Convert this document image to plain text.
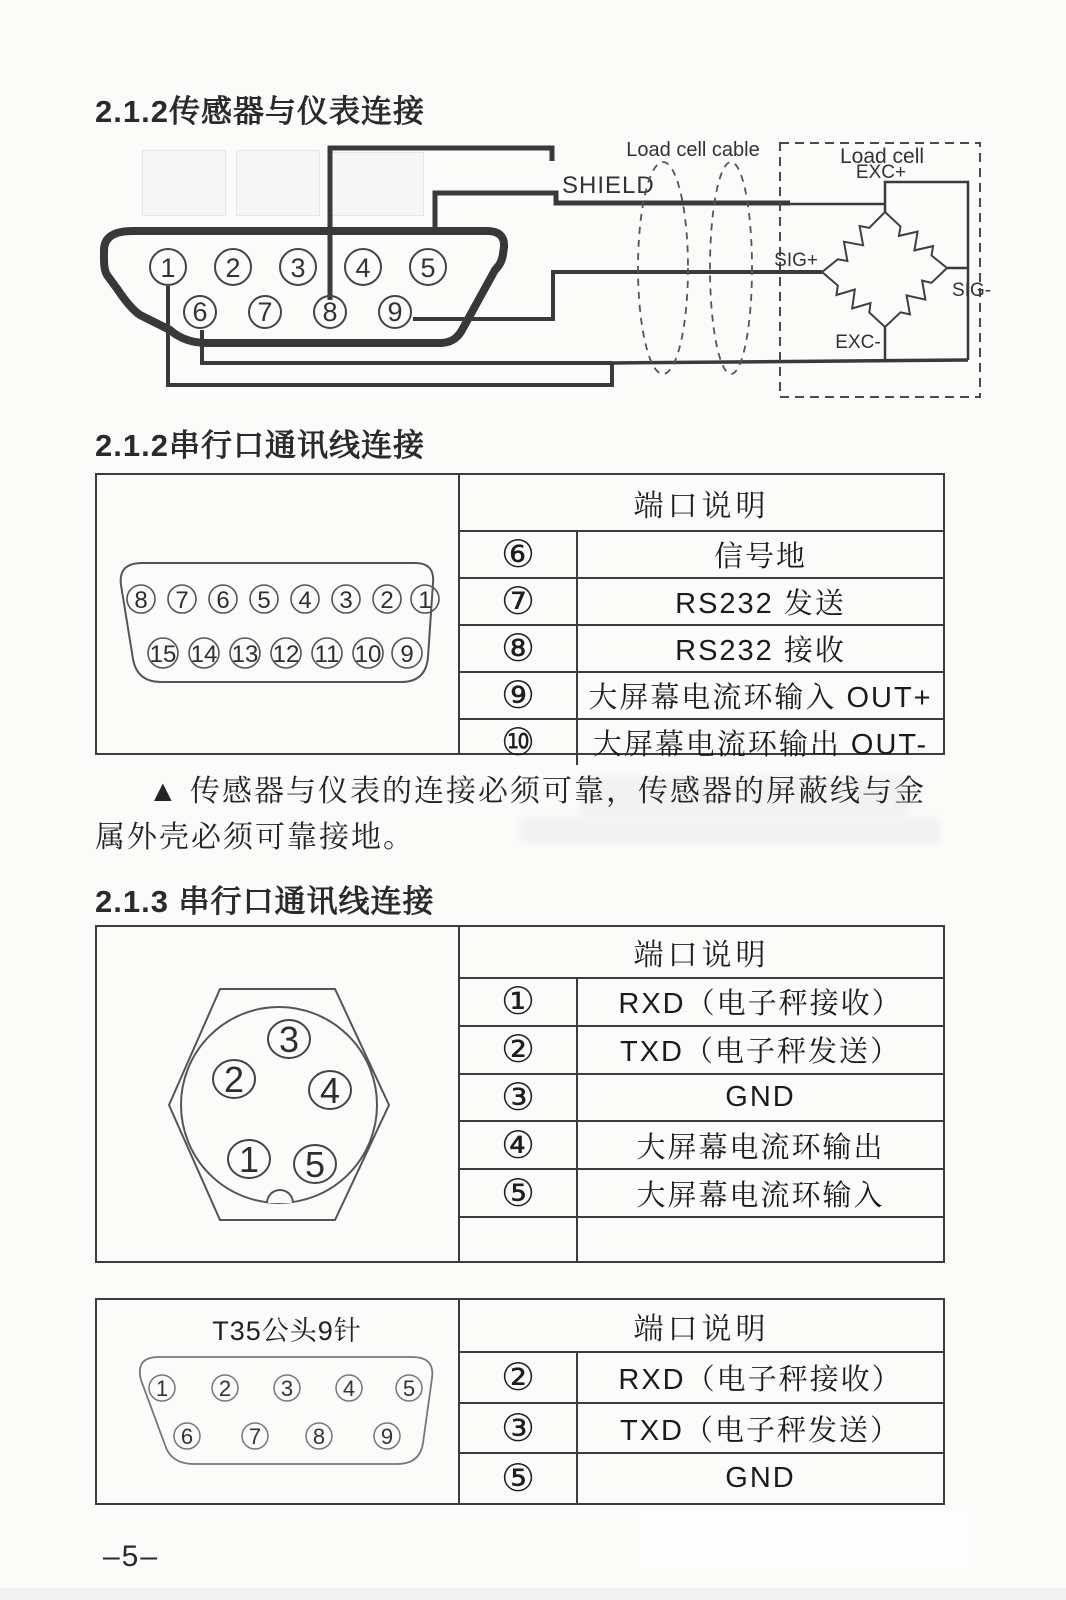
2.1.2传感器与仪表连接
1 2 3 4 5
6 7 8 9
SHIELD
Load cell cable	Load cell
EXC+
SIG+
SIG-
EXC-
2.1.2串行口通讯线连接
8 7 6 5 4 3 2 1
15 14 13 12 11 10 9
端口说明
⑥	信号地
⑦	RS232 发送
⑧	RS232 接收
⑨	大屏幕电流环输入 OUT+
⑩	大屏幕电流环输出 OUT-
▲ 传感器与仪表的连接必须可靠，传感器的屏蔽线与金
属外壳必须可靠接地。
2.1.3 串行口通讯线连接
3
2 4
1 5
端口说明
①	RXD（电子秤接收）
②	TXD（电子秤发送）
③	GND
④	大屏幕电流环输出
⑤	大屏幕电流环输入
T35公头9针
1 2 3 4 5
6	7 8	9
端口说明
②	RXD（电子秤接收）
③	TXD（电子秤发送）
⑤	GND
–5–
